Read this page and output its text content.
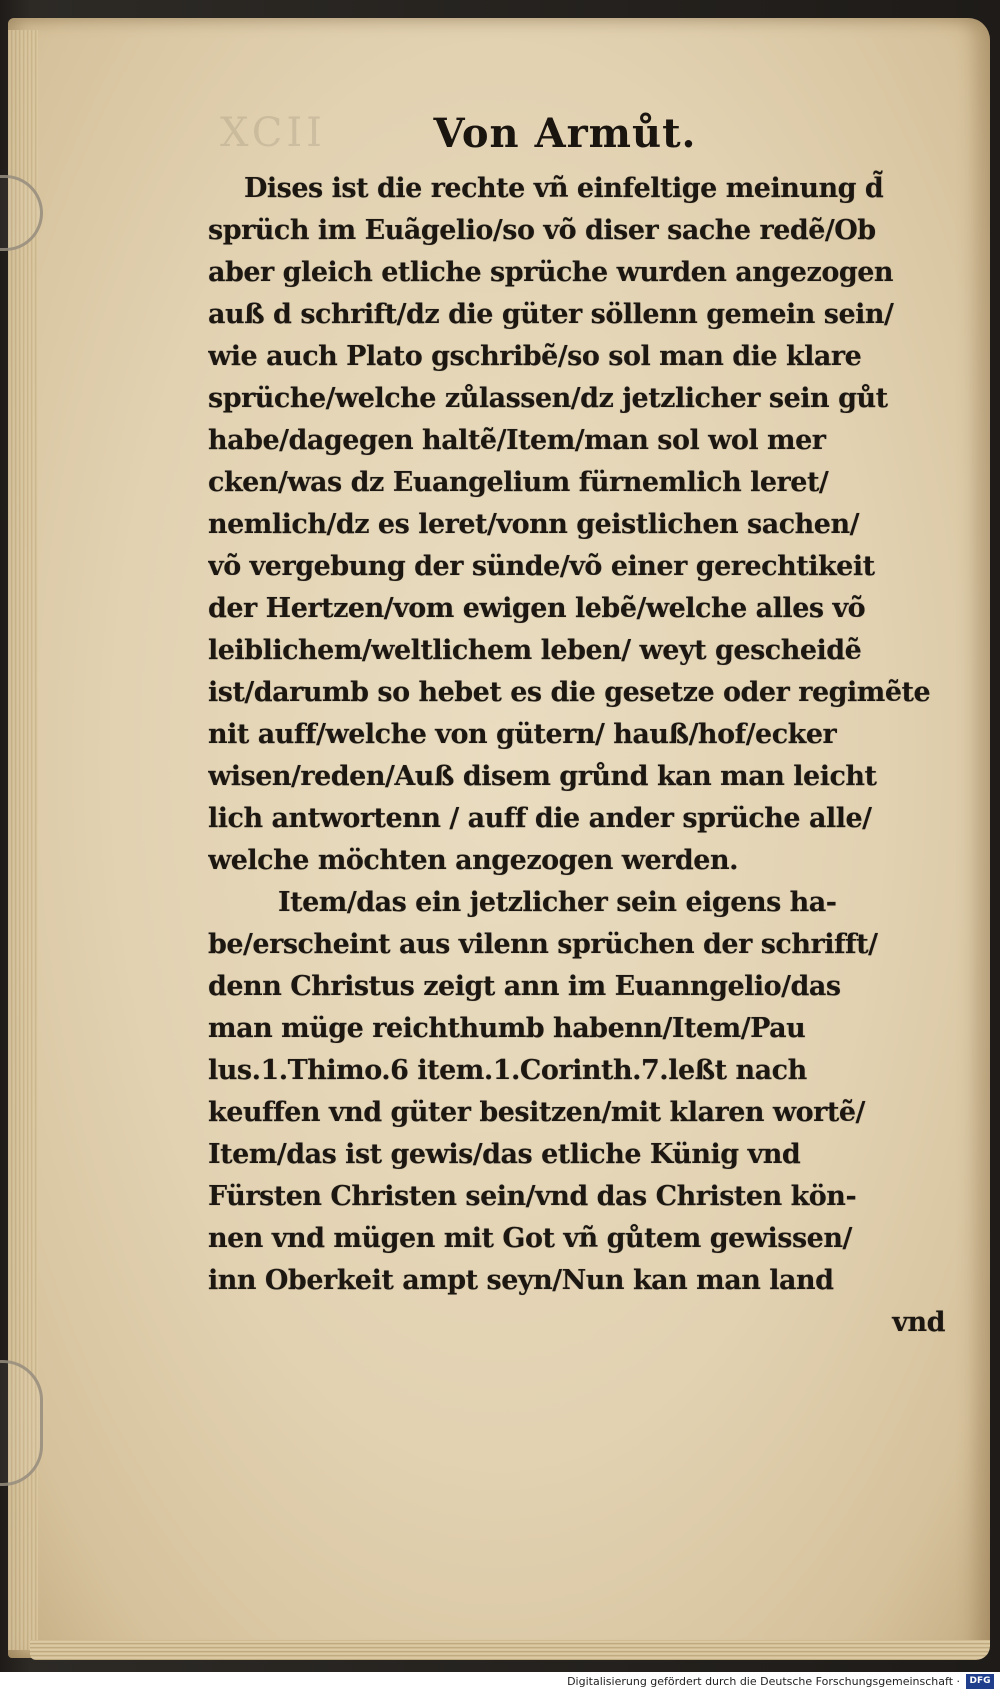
XCII	Von Armůt.
Dises ist die rechte vñ einfeltige meinung d̃
sprüch im Euãgelio/so võ diser sache redẽ/Ob
aber gleich etliche sprüche wurden angezogen
auß d schrift/dz die güter söllenn gemein sein/
wie auch Plato gschribẽ/so sol man die klare
sprüche/welche zůlassen/dz jetzlicher sein gůt
habe/dagegen haltẽ/Item/man sol wol mer
cken/was dz Euangelium fürnemlich leret/
nemlich/dz es leret/vonn geistlichen sachen/
võ vergebung der sünde/võ einer gerechtikeit
der Hertzen/vom ewigen lebẽ/welche alles võ
leiblichem/weltlichem leben/ weyt gescheidẽ
ist/darumb so hebet es die gesetze oder regimẽte
nit auff/welche von gütern/ hauß/hof/ecker
wisen/reden/Auß disem grůnd kan man leicht
lich antwortenn / auff die ander sprüche alle/
welche möchten angezogen werden.
Item/das ein jetzlicher sein eigens ha-
be/erscheint aus vilenn sprüchen der schrifft/
denn Christus zeigt ann im Euanngelio/das
man müge reichthumb habenn/Item/Pau
lus.1.Thimo.6 item.1.Corinth.7.leßt nach
keuffen vnd güter besitzen/mit klaren wortẽ/
Item/das ist gewis/das etliche Künig vnd
Fürsten Christen sein/vnd das Christen kön-
nen vnd mügen mit Got vñ gůtem gewissen/
inn Oberkeit ampt seyn/Nun kan man land
vnd
Digitalisierung gefördert durch die Deutsche Forschungsgemeinschaft ·	DFG
